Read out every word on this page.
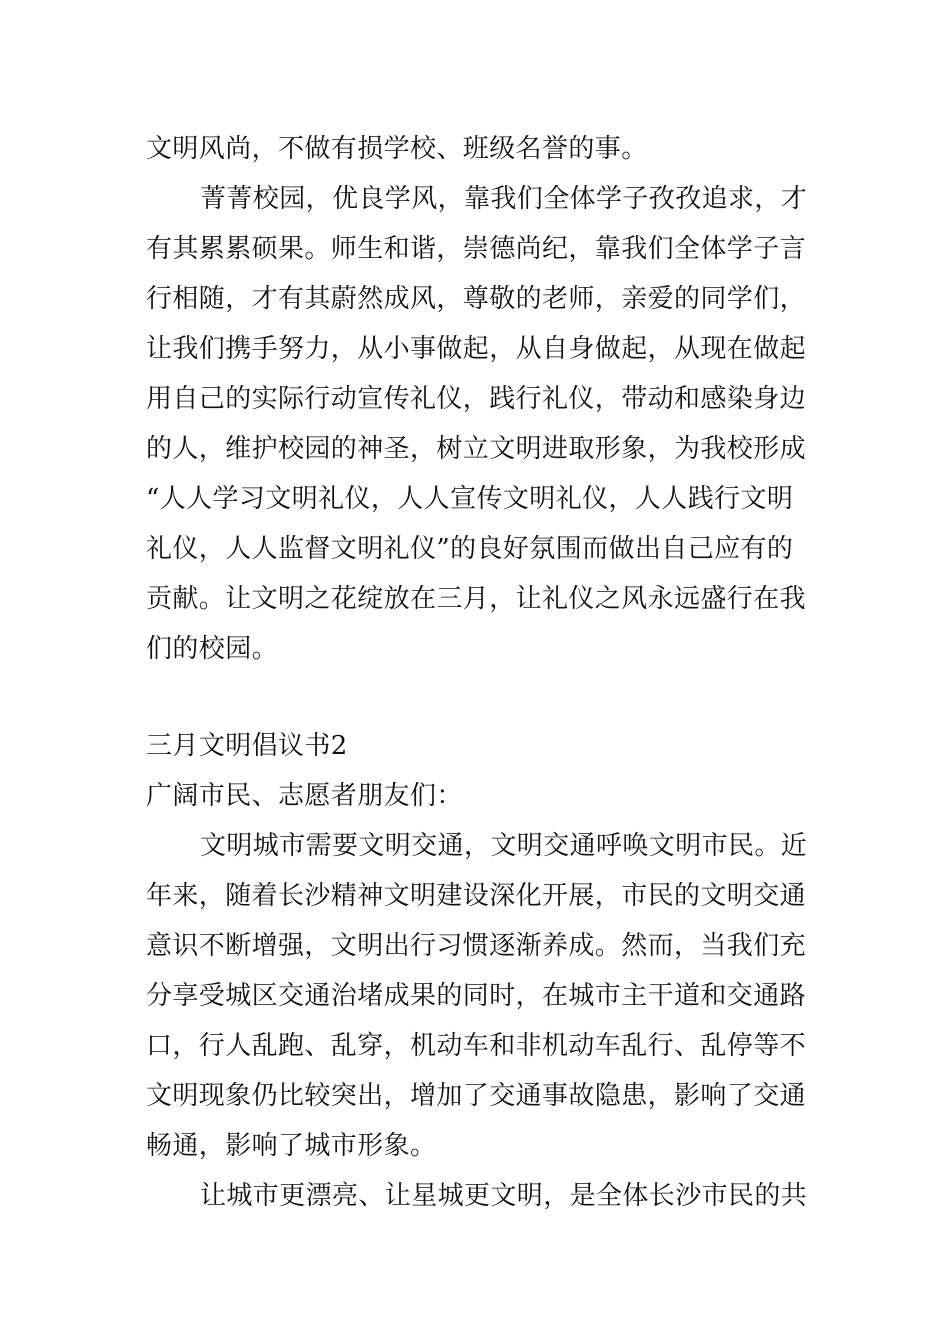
文明风尚，不做有损学校、班级名誉的事。
菁菁校园，优良学风，靠我们全体学子孜孜追求，才
有其累累硕果。师生和谐，崇德尚纪，靠我们全体学子言
行相随，才有其蔚然成风，尊敬的老师，亲爱的同学们，
让我们携手努力，从小事做起，从自身做起，从现在做起
用自己的实际行动宣传礼仪，践行礼仪，带动和感染身边
的人，维护校园的神圣，树立文明进取形象，为我校形成
“人人学习文明礼仪，人人宣传文明礼仪，人人践行文明
礼仪，人人监督文明礼仪”的良好氛围而做出自己应有的
贡献。让文明之花绽放在三月，让礼仪之风永远盛行在我
们的校园。
三月文明倡议书2
广阔市民、志愿者朋友们：
文明城市需要文明交通，文明交通呼唤文明市民。近
年来，随着长沙精神文明建设深化开展，市民的文明交通
意识不断增强，文明出行习惯逐渐养成。然而，当我们充
分享受城区交通治堵成果的同时，在城市主干道和交通路
口，行人乱跑、乱穿，机动车和非机动车乱行、乱停等不
文明现象仍比较突出，增加了交通事故隐患，影响了交通
畅通，影响了城市形象。
让城市更漂亮、让星城更文明，是全体长沙市民的共
